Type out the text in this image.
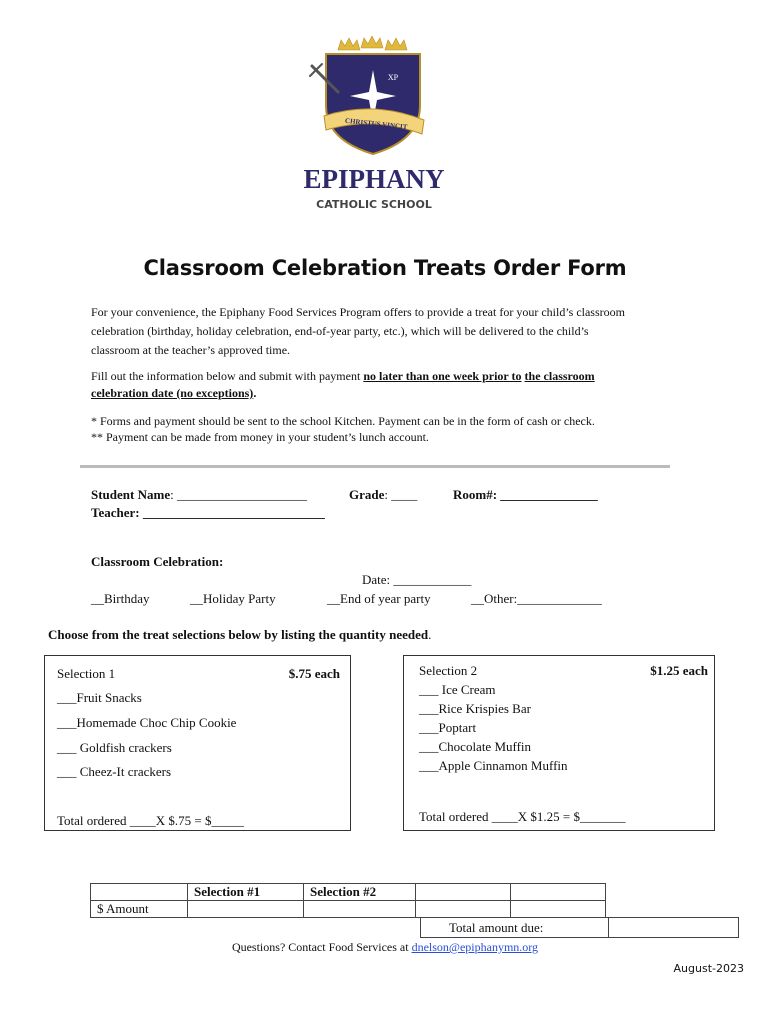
CHRISTUS VINCIT
XP
EPIPHANY
CATHOLIC SCHOOL
Classroom Celebration Treats Order Form
For your convenience, the Epiphany Food Services Program offers to provide a treat for your child’s classroom
celebration (birthday, holiday celebration, end-of-year party, etc.), which will be delivered to the child’s
classroom at the teacher’s approved time.
Fill out the information below and submit with payment no later than one week prior to the classroom
celebration date (no exceptions).
* Forms and payment should be sent to the school Kitchen. Payment can be in the form of cash or check.
** Payment can be made from money in your student’s lunch account.
Student Name: ____________________	Grade: ____	Room#: _______________
Teacher: ____________________________
Classroom Celebration:
Date: ____________
__Birthday	__Holiday Party	__End of year party	__Other:_____________
Choose from the treat selections below by listing the quantity needed.
Selection 1	$.75 each
___Fruit Snacks
___Homemade Choc Chip Cookie
___ Goldfish crackers
___ Cheez-It crackers
Total ordered ____X $.75 = $_____
Selection 2	$1.25 each
___ Ice Cream
___Rice Krispies Bar
___Poptart
___Chocolate Muffin
___Apple Cinnamon Muffin
Total ordered ____X $1.25 = $_______
	Selection #1	Selection #2		
$ Amount				
Total amount due:
Questions? Contact Food Services at dnelson@epiphanymn.org
August-2023
